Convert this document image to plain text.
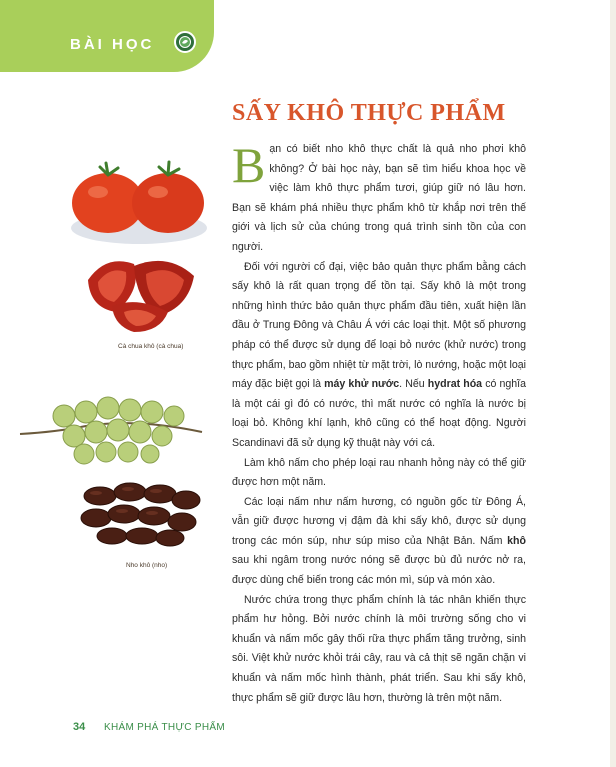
BÀI HỌC
SẤY KHÔ THỰC PHẨM

Bạn có biết nho khô thực chất là quả nho phơi khô không? Ở bài học này, bạn sẽ tìm hiểu khoa học về việc làm khô thực phẩm tươi, giúp giữ nó lâu hơn. Bạn sẽ khám phá nhiều thực phẩm khô từ khắp nơi trên thế giới và lịch sử của chúng trong quá trình sinh tồn của con người.

Đối với người cổ đại, việc bảo quản thực phẩm bằng cách sấy khô là rất quan trọng để tồn tại. Sấy khô là một trong những hình thức bảo quản thực phẩm đầu tiên, xuất hiện lần đầu ở Trung Đông và Châu Á với các loại thịt. Một số phương pháp có thể được sử dụng để loại bỏ nước (khử nước) trong thực phẩm, bao gồm nhiệt từ mặt trời, lò nướng, hoặc một loại máy đặc biệt gọi là máy khử nước. Nếu hydrat hóa có nghĩa là một cái gì đó có nước, thì mất nước có nghĩa là nước bị loại bỏ. Không khí lạnh, khô cũng có thể hoạt động. Người Scandinavi đã sử dụng kỹ thuật này với cá.

Làm khô nấm cho phép loại rau nhanh hỏng này có thể giữ được hơn một năm.

Các loại nấm như nấm hương, có nguồn gốc từ Đông Á, vẫn giữ được hương vị đậm đà khi sấy khô, được sử dụng trong các món súp, như súp miso của Nhật Bản. Nấm khô sau khi ngâm trong nước nóng sẽ được bù đủ nước nở ra, được dùng chế biến trong các món mì, súp và món xào.

Nước chứa trong thực phẩm chính là tác nhân khiến thực phẩm hư hỏng. Bởi nước chính là môi trường sống cho vi khuẩn và nấm mốc gây thối rữa thực phẩm tăng trưởng, sinh sôi. Việt khử nước khỏi trái cây, rau và cả thịt sẽ ngăn chặn vi khuẩn và nấm mốc hình thành, phát triển. Sau khi sấy khô, thực phẩm sẽ giữ được lâu hơn, thường là trên một năm.

Cà chua khô (cà chua)
Nho khô (nho)
34 KHÁM PHÁ THỰC PHẨM
